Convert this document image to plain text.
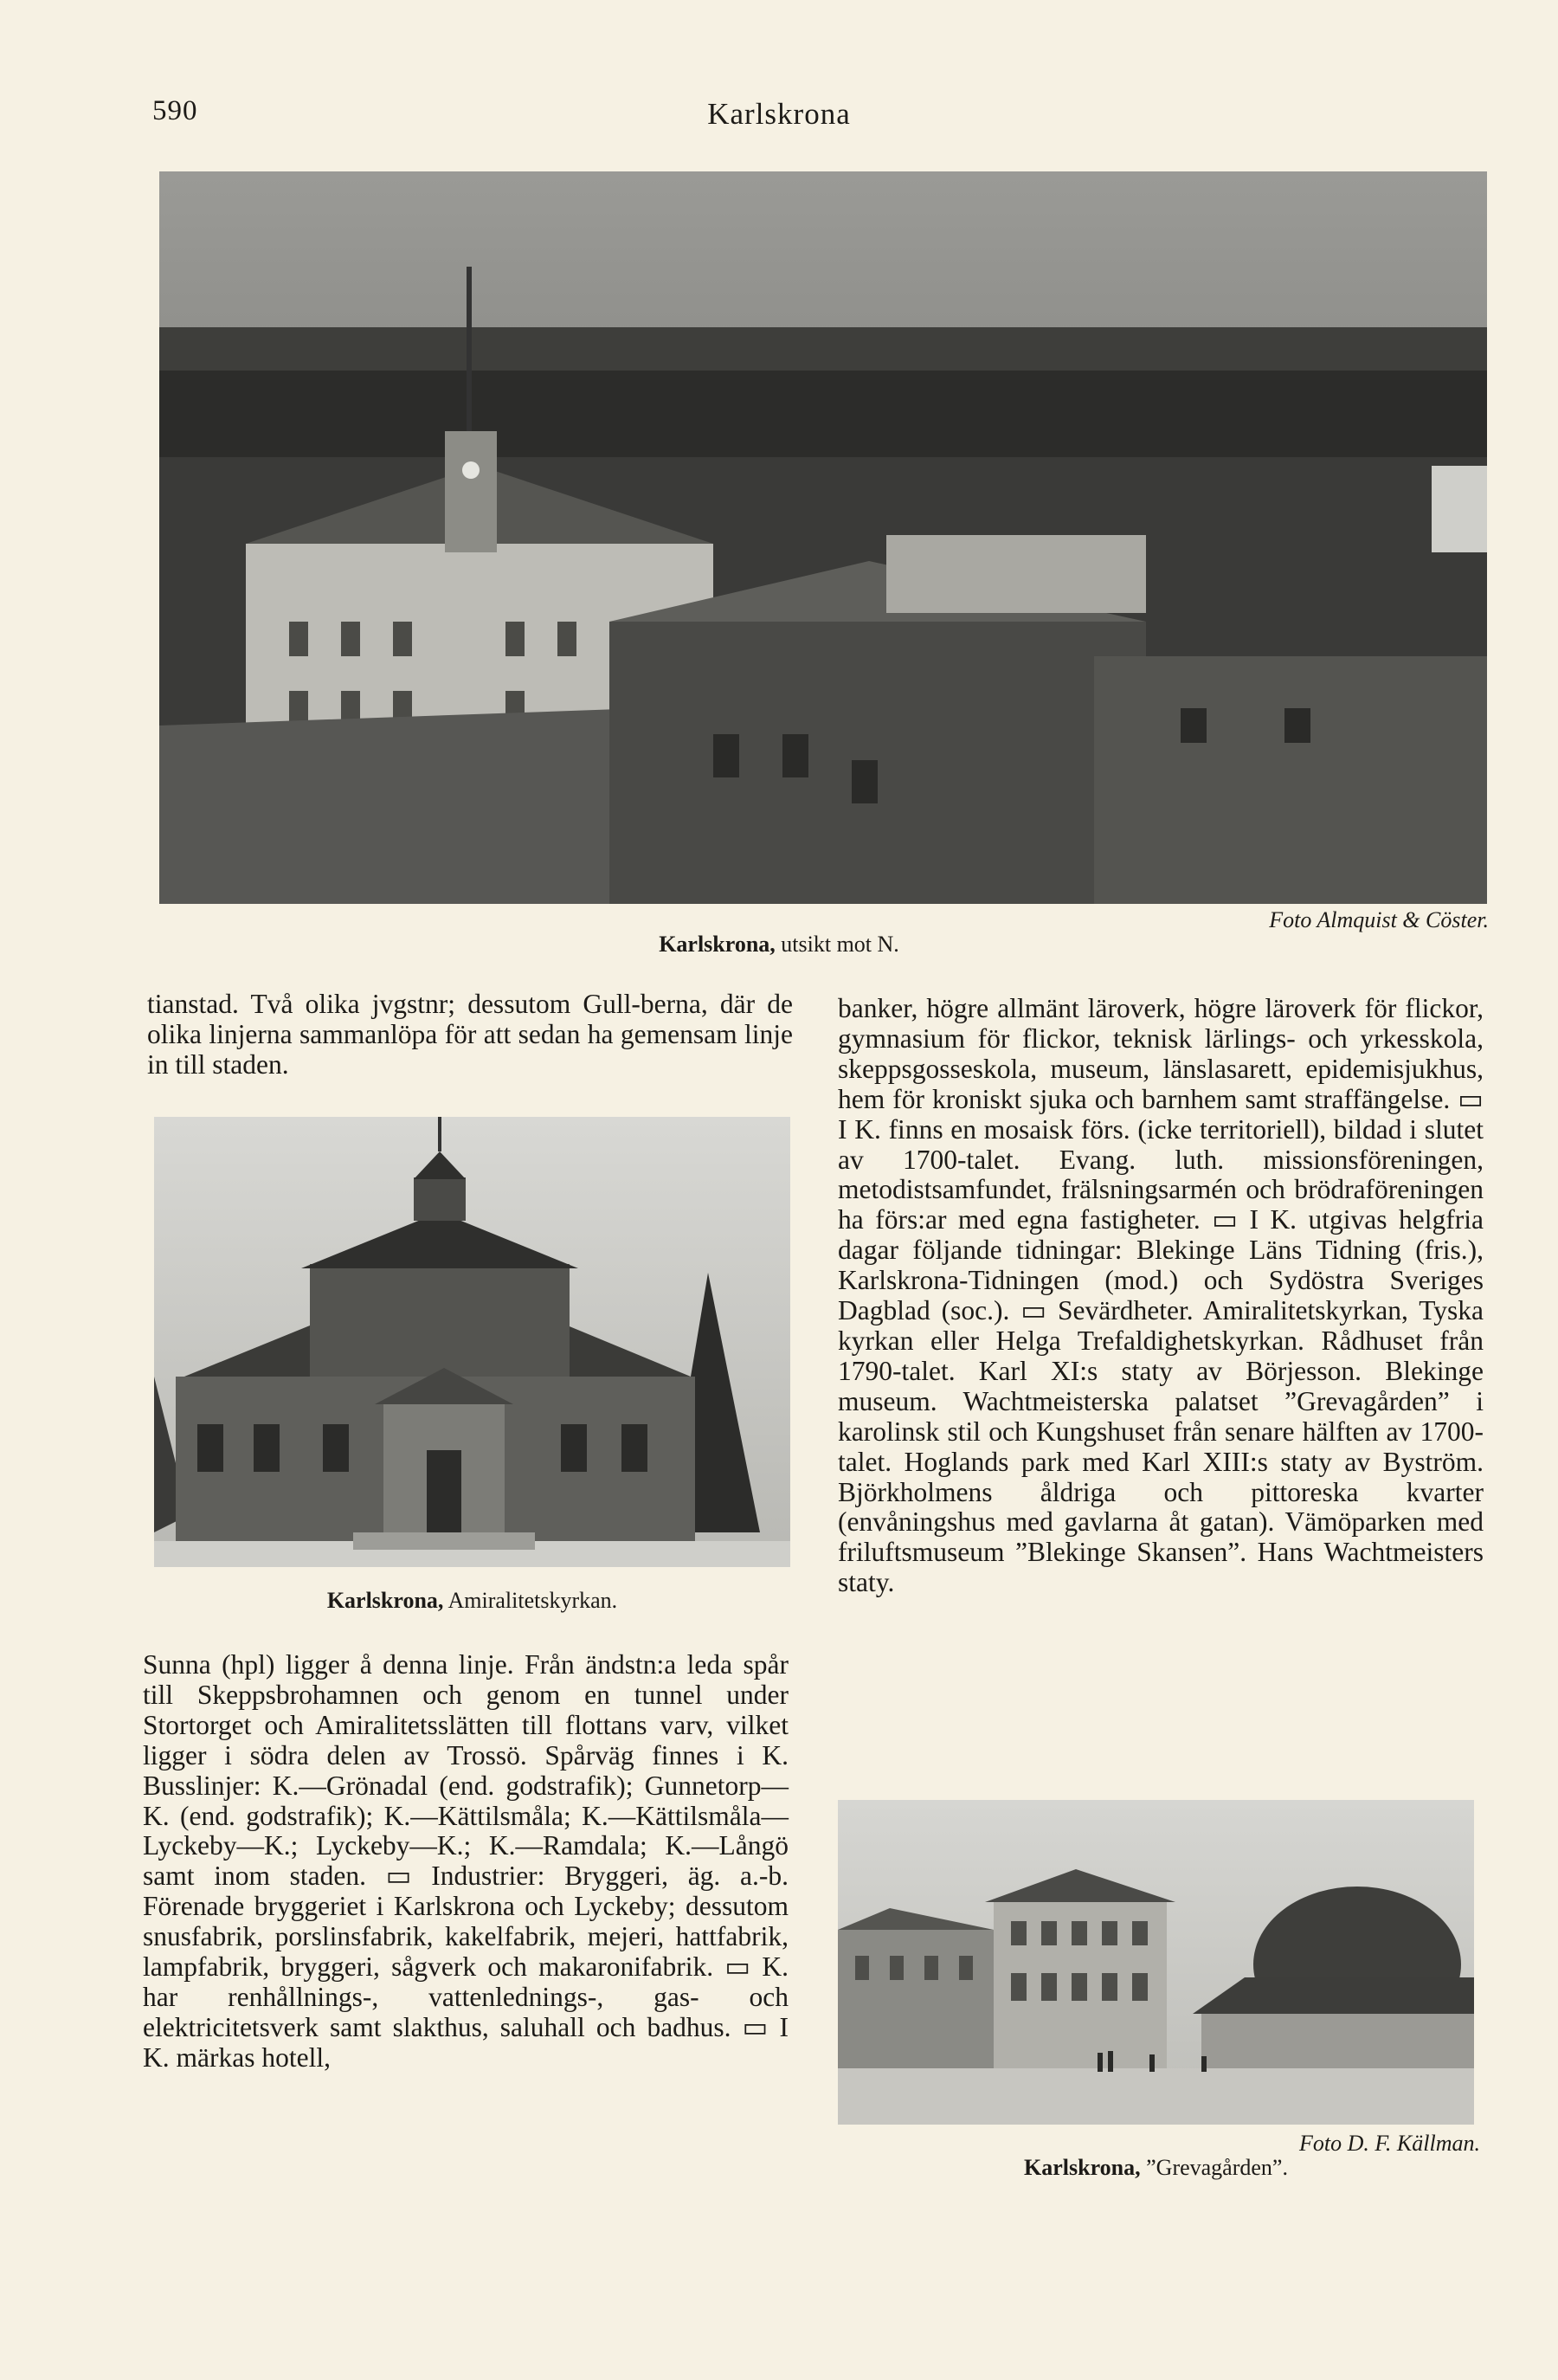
590	Karlskrona
Foto Almquist & Cöster.
Karlskrona, utsikt mot N.

tianstad. Två olika jvgstnr; dessutom Gull-berna, där de olika linjerna sammanlöpa för att sedan ha gemensam linje in till staden.

Karlskrona, Amiralitetskyrkan.

Sunna (hpl) ligger å denna linje. Från ändstn:a leda spår till Skeppsbrohamnen och genom en tunnel under Stortorget och Amiralitetsslätten till flottans varv, vilket ligger i södra delen av Trossö. Spårväg finnes i K. Busslinjer: K.—Grönadal (end. godstrafik); Gunnetorp—K. (end. godstrafik); K.—Kättilsmåla; K.—Kättilsmåla—Lyckeby—K.; Lyckeby—K.; K.—Ramdala; K.—Långö samt inom staden. ▭ Industrier: Bryggeri, äg. a.-b. Förenade bryggeriet i Karlskrona och Lyckeby; dessutom snusfabrik, porslinsfabrik, kakelfabrik, mejeri, hattfabrik, lampfabrik, bryggeri, sågverk och makaronifabrik. ▭ K. har renhållnings-, vattenlednings-, gas- och elektricitetsverk samt slakthus, saluhall och badhus. ▭ I K. märkas hotell,

banker, högre allmänt läroverk, högre läroverk för flickor, gymnasium för flickor, teknisk lärlings- och yrkesskola, skeppsgosseskola, museum, länslasarett, epidemisjukhus, hem för kroniskt sjuka och barnhem samt straffängelse. ▭ I K. finns en mosaisk förs. (icke territoriell), bildad i slutet av 1700-talet. Evang. luth. missionsföreningen, metodistsamfundet, frälsningsarmén och brödraföreningen ha förs:ar med egna fastigheter. ▭ I K. utgivas helgfria dagar följande tidningar: Blekinge Läns Tidning (fris.), Karlskrona-Tidningen (mod.) och Sydöstra Sveriges Dagblad (soc.). ▭ Sevärdheter. Amiralitetskyrkan, Tyska kyrkan eller Helga Trefaldighetskyrkan. Rådhuset från 1790-talet. Karl XI:s staty av Börjesson. Blekinge museum. Wachtmeisterska palatset ”Grevagården” i karolinsk stil och Kungshuset från senare hälften av 1700-talet. Hoglands park med Karl XIII:s staty av Byström. Björkholmens åldriga och pittoreska kvarter (envåningshus med gavlarna åt gatan). Vämöparken med friluftsmuseum ”Blekinge Skansen”. Hans Wachtmeisters staty.

Foto D. F. Källman.
Karlskrona, ”Grevagården”.
